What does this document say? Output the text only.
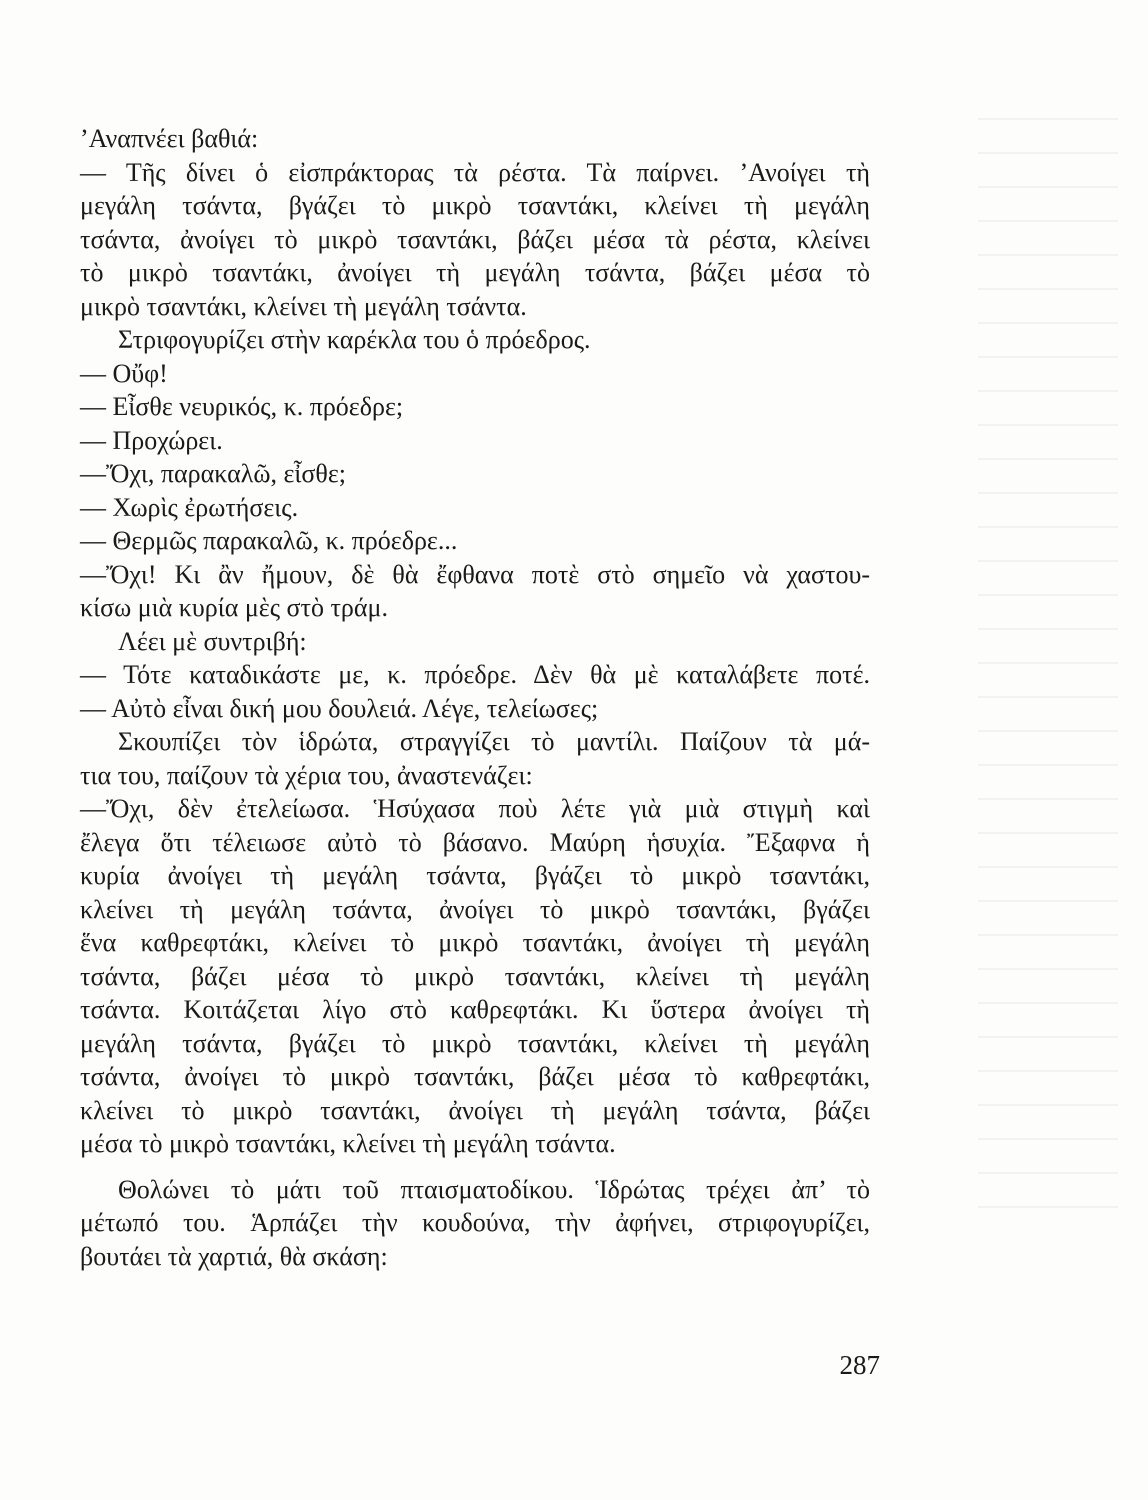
’Αναπνέει βαθιά:
— Τῆς δίνει ὁ εἰσπράκτορας τὰ ρέστα. Τὰ παίρνει. ’Ανοίγει τὴ
μεγάλη τσάντα, βγάζει τὸ μικρὸ τσαντάκι, κλείνει τὴ μεγάλη
τσάντα, ἀνοίγει τὸ μικρὸ τσαντάκι, βάζει μέσα τὰ ρέστα, κλείνει
τὸ μικρὸ τσαντάκι, ἀνοίγει τὴ μεγάλη τσάντα, βάζει μέσα τὸ
μικρὸ τσαντάκι, κλείνει τὴ μεγάλη τσάντα.
Στριφογυρίζει στὴν καρέκλα του ὁ πρόεδρος.
— Οὔφ!
— Εἶσθε νευρικός, κ. πρόεδρε;
— Προχώρει.
—Ὄχι, παρακαλῶ, εἶσθε;
— Χωρὶς ἐρωτήσεις.
— Θερμῶς παρακαλῶ, κ. πρόεδρε...
—Ὄχι! Κι ἂν ἤμουν, δὲ θὰ ἔφθανα ποτὲ στὸ σημεῖο νὰ χαστου-
κίσω μιὰ κυρία μὲς στὸ τράμ.
Λέει μὲ συντριβή:
— Τότε καταδικάστε με, κ. πρόεδρε. Δὲν θὰ μὲ καταλάβετε ποτέ.
— Αὐτὸ εἶναι δική μου δουλειά. Λέγε, τελείωσες;
Σκουπίζει τὸν ἱδρώτα, στραγγίζει τὸ μαντίλι. Παίζουν τὰ μά-
τια του, παίζουν τὰ χέρια του, ἀναστενάζει:
—Ὄχι, δὲν ἐτελείωσα. Ἡσύχασα ποὺ λέτε γιὰ μιὰ στιγμὴ καὶ
ἔλεγα ὅτι τέλειωσε αὐτὸ τὸ βάσανο. Μαύρη ἡσυχία. Ἔξαφνα ἡ
κυρία ἀνοίγει τὴ μεγάλη τσάντα, βγάζει τὸ μικρὸ τσαντάκι,
κλείνει τὴ μεγάλη τσάντα, ἀνοίγει τὸ μικρὸ τσαντάκι, βγάζει
ἕνα καθρεφτάκι, κλείνει τὸ μικρὸ τσαντάκι, ἀνοίγει τὴ μεγάλη
τσάντα, βάζει μέσα τὸ μικρὸ τσαντάκι, κλείνει τὴ μεγάλη
τσάντα. Κοιτάζεται λίγο στὸ καθρεφτάκι. Κι ὕστερα ἀνοίγει τὴ
μεγάλη τσάντα, βγάζει τὸ μικρὸ τσαντάκι, κλείνει τὴ μεγάλη
τσάντα, ἀνοίγει τὸ μικρὸ τσαντάκι, βάζει μέσα τὸ καθρεφτάκι,
κλείνει τὸ μικρὸ τσαντάκι, ἀνοίγει τὴ μεγάλη τσάντα, βάζει
μέσα τὸ μικρὸ τσαντάκι, κλείνει τὴ μεγάλη τσάντα.
Θολώνει τὸ μάτι τοῦ πταισματοδίκου. Ἱδρώτας τρέχει ἀπ’ τὸ
μέτωπό του. Ἁρπάζει τὴν κουδούνα, τὴν ἀφήνει, στριφογυρίζει,
βουτάει τὰ χαρτιά, θὰ σκάση:
287
